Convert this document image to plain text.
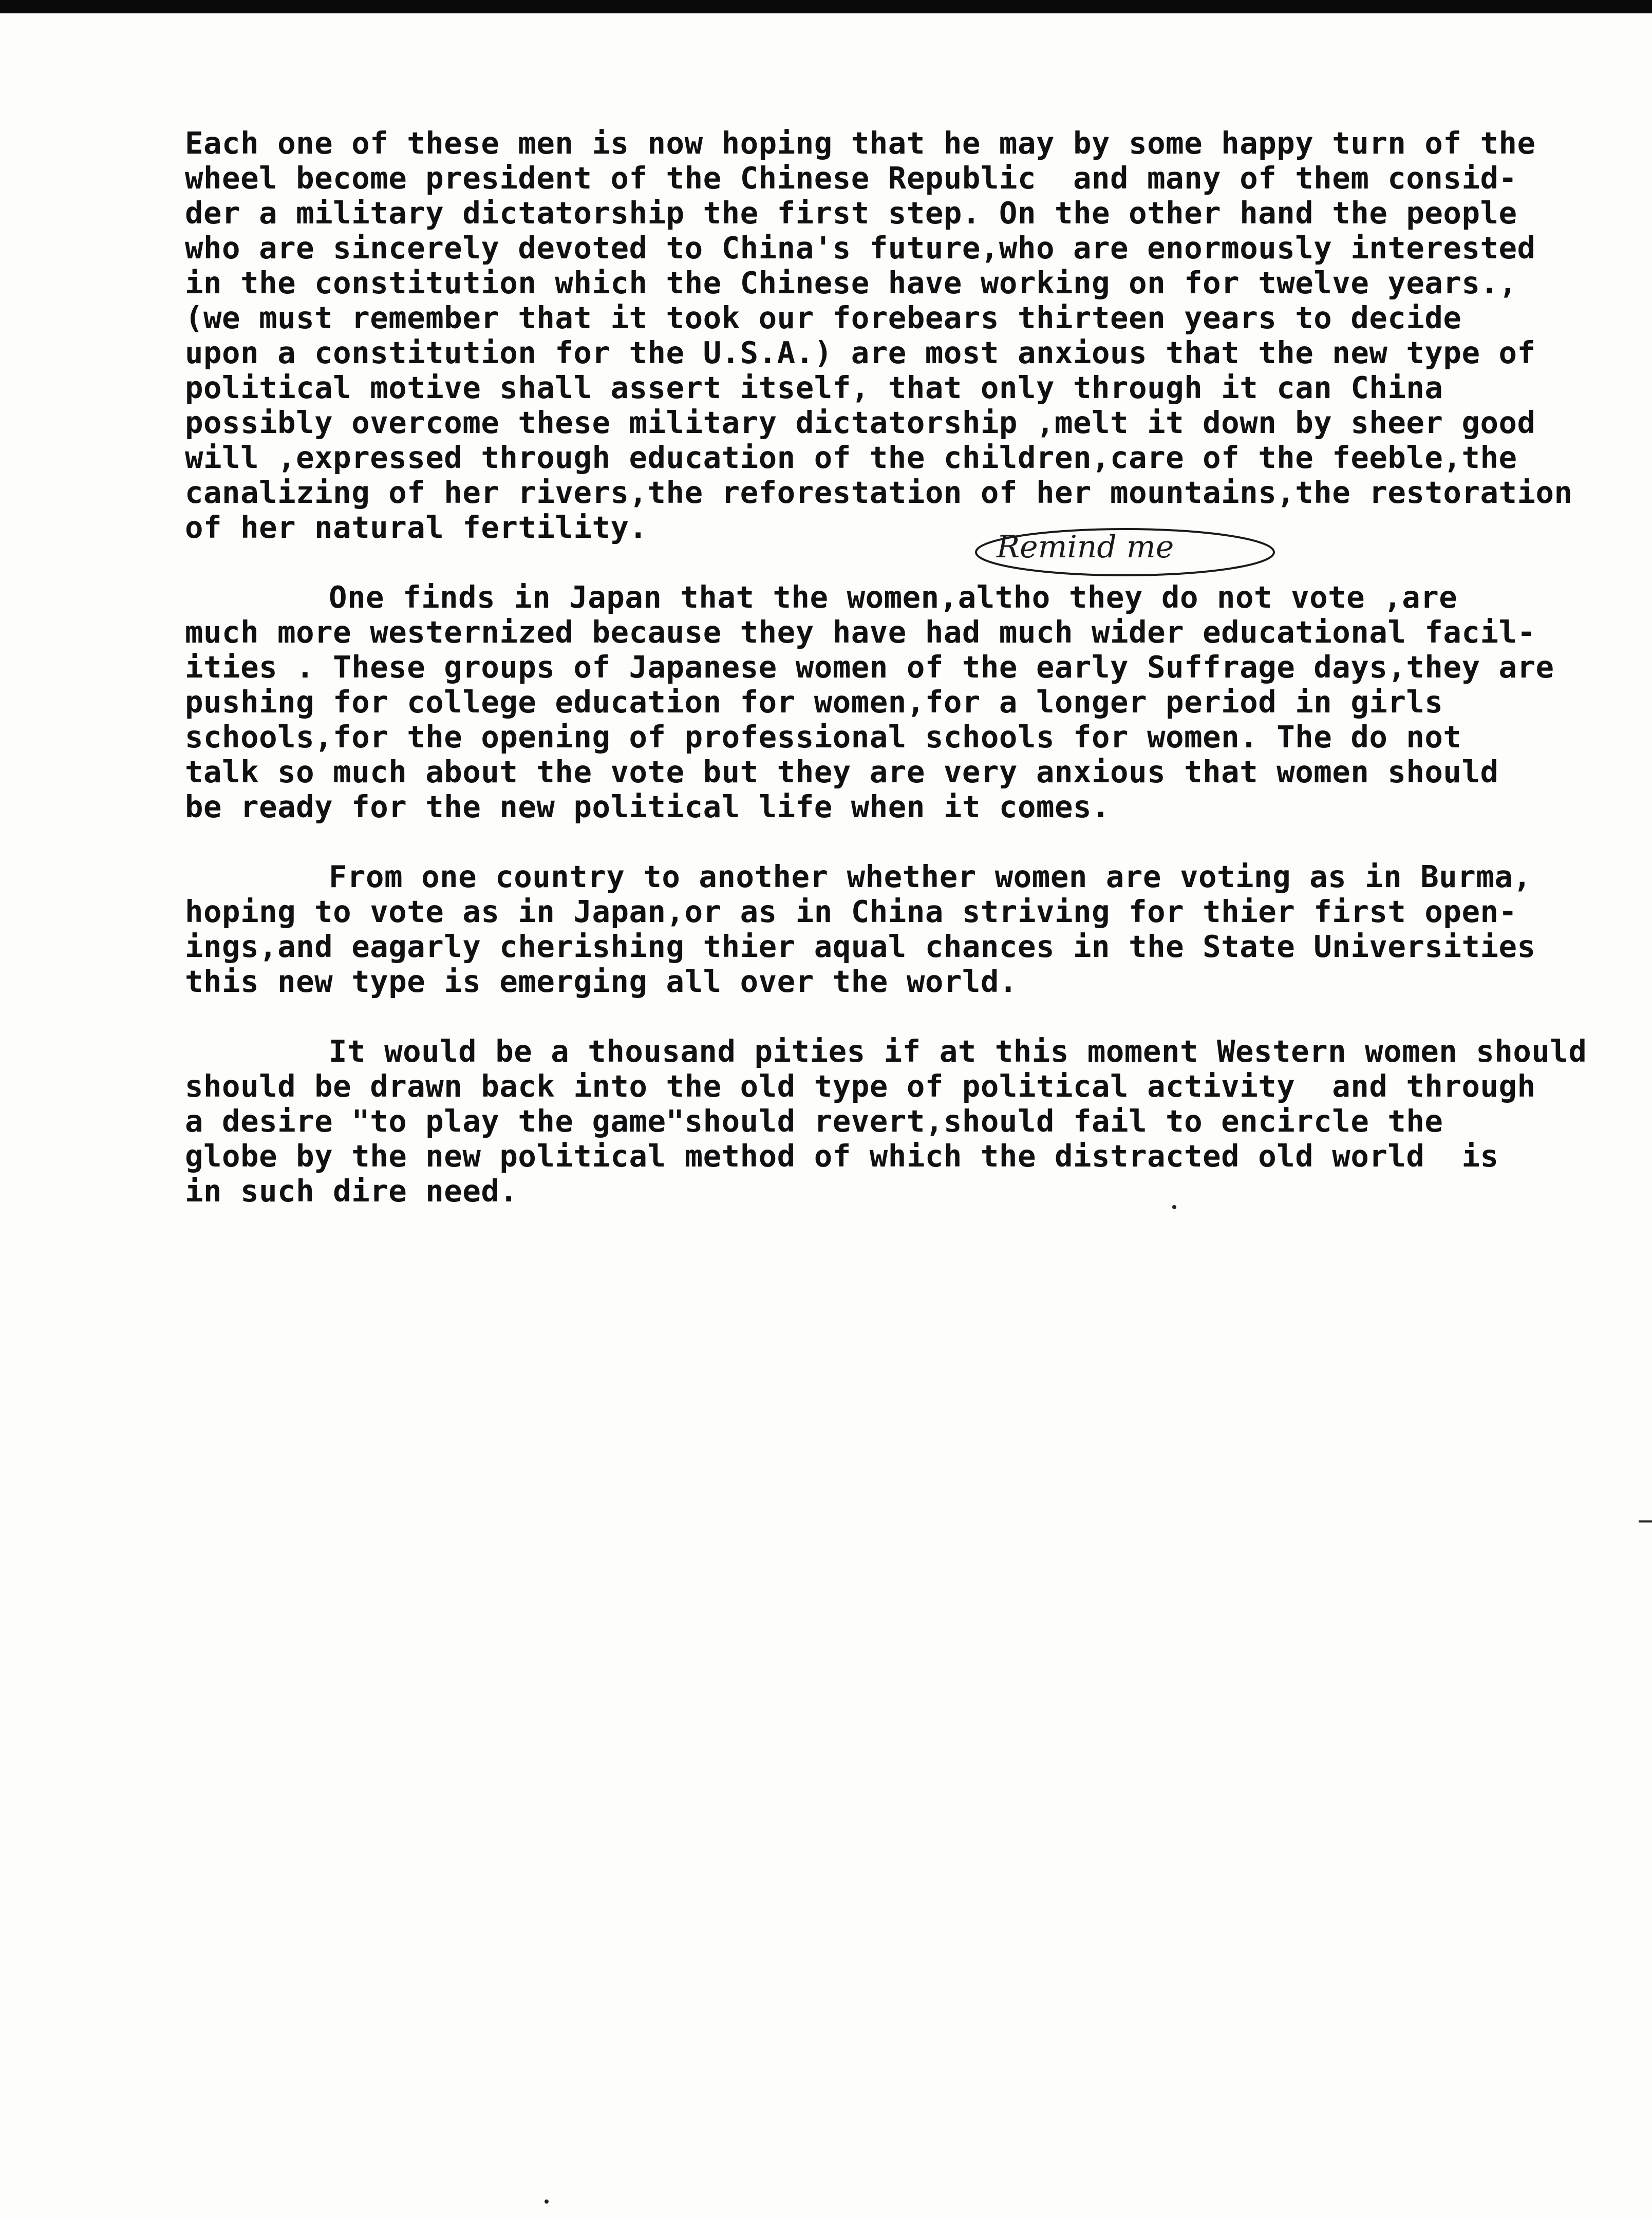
Each one of these men is now hoping that he may by some happy turn of the
wheel become president of the Chinese Republic  and many of them consid-
der a military dictatorship the first step. On the other hand the people
who are sincerely devoted to China's future,who are enormously interested
in the constitution which the Chinese have working on for twelve years.,
(we must remember that it took our forebears thirteen years to decide
upon a constitution for the U.S.A.) are most anxious that the new type of
political motive shall assert itself, that only through it can China
possibly overcome these military dictatorship ,melt it down by sheer good
will ,expressed through education of the children,care of the feeble,the
canalizing of her rivers,the reforestation of her mountains,the restoration
of her natural fertility.
One finds in Japan that the women,altho they do not vote ,are
much more westernized because they have had much wider educational facil-
ities . These groups of Japanese women of the early Suffrage days,they are
pushing for college education for women,for a longer period in girls
schools,for the opening of professional schools for women. The do not
talk so much about the vote but they are very anxious that women should
be ready for the new political life when it comes.
From one country to another whether women are voting as in Burma,
hoping to vote as in Japan,or as in China striving for thier first open-
ings,and eagarly cherishing thier aqual chances in the State Universities
this new type is emerging all over the world.
It would be a thousand pities if at this moment Western women should
should be drawn back into the old type of political activity  and through
a desire "to play the game"should revert,should fail to encircle the
globe by the new political method of which the distracted old world  is
in such dire need.
Remind me
